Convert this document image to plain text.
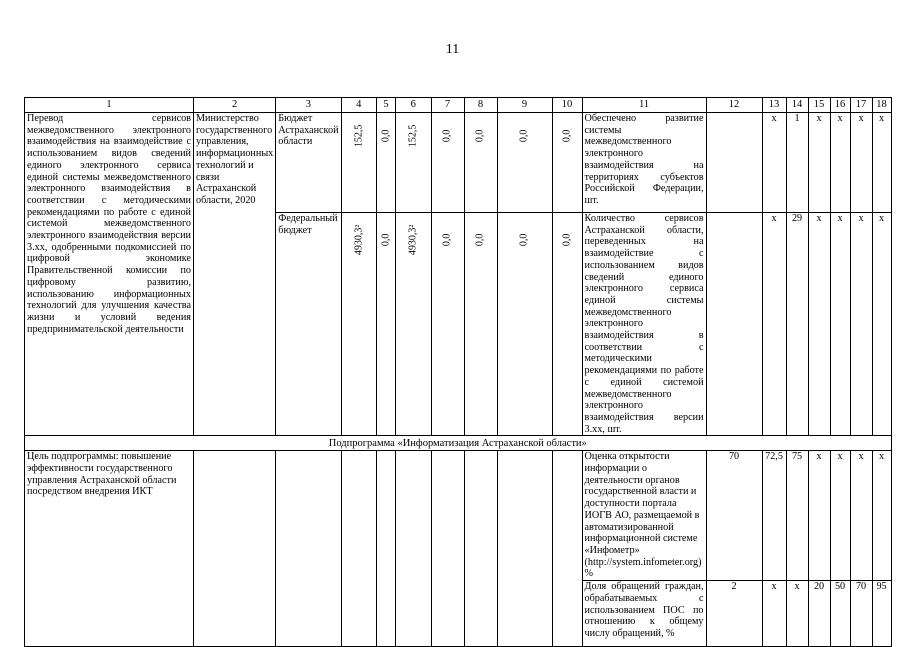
11
1	2	3	4	5	6	7	8	9	10	11	12	13	14	15	16	17	18
Перевод сервисов межведомственного электронного взаимодействия на взаимодействие с использованием видов сведений единого электронного сервиса единой системы межведомственного электронного взаимодействия в соответствии с методическими рекомендациями по работе с единой системой межведомственного электронного взаимодействия версии 3.хх, одобренными подкомиссией по цифровой экономике Правительственной комиссии по цифровому развитию, использованию информационных технологий для улучшения качества жизни и условий ведения предпринимательской деятельности	Министерство государственного управления, информационных технологий и связи Астраханской области, 2020	Бюджет Астраханской области	152,5	0,0	152,5	0,0	0,0	0,0	0,0	Обеспечено развитие системы межведомственного электронного взаимодействия на территориях субъектов Российской Федерации, шт.		x	1	x	x	x	x
		Федеральный бюджет	4930,3²	0,0	4930,3²	0,0	0,0	0,0	0,0	Количество сервисов Астраханской области, переведенных на взаимодействие с использованием видов сведений единого электронного сервиса единой системы межведомственного электронного взаимодействия в соответствии с методическими рекомендациями по работе с единой системой межведомственного электронного взаимодействия версии 3.хх, шт.		x	29	x	x	x	x
Подпрограмма «Информатизация Астраханской области»																	
Цель подпрограммы: повышение эффективности государственного управления Астраханской области посредством внедрения ИКТ										Оценка открытости информации о деятельности органов государственной власти и доступности портала ИОГВ АО, размещаемой в автоматизированной информационной системе «Инфометр» (http://system.infometer.org) %	70	72,5	75	x	x	x	x
										Доля обращений граждан, обрабатываемых с использованием ПОС по отношению к общему числу обращений, %	2	x	x	20	50	70	95
